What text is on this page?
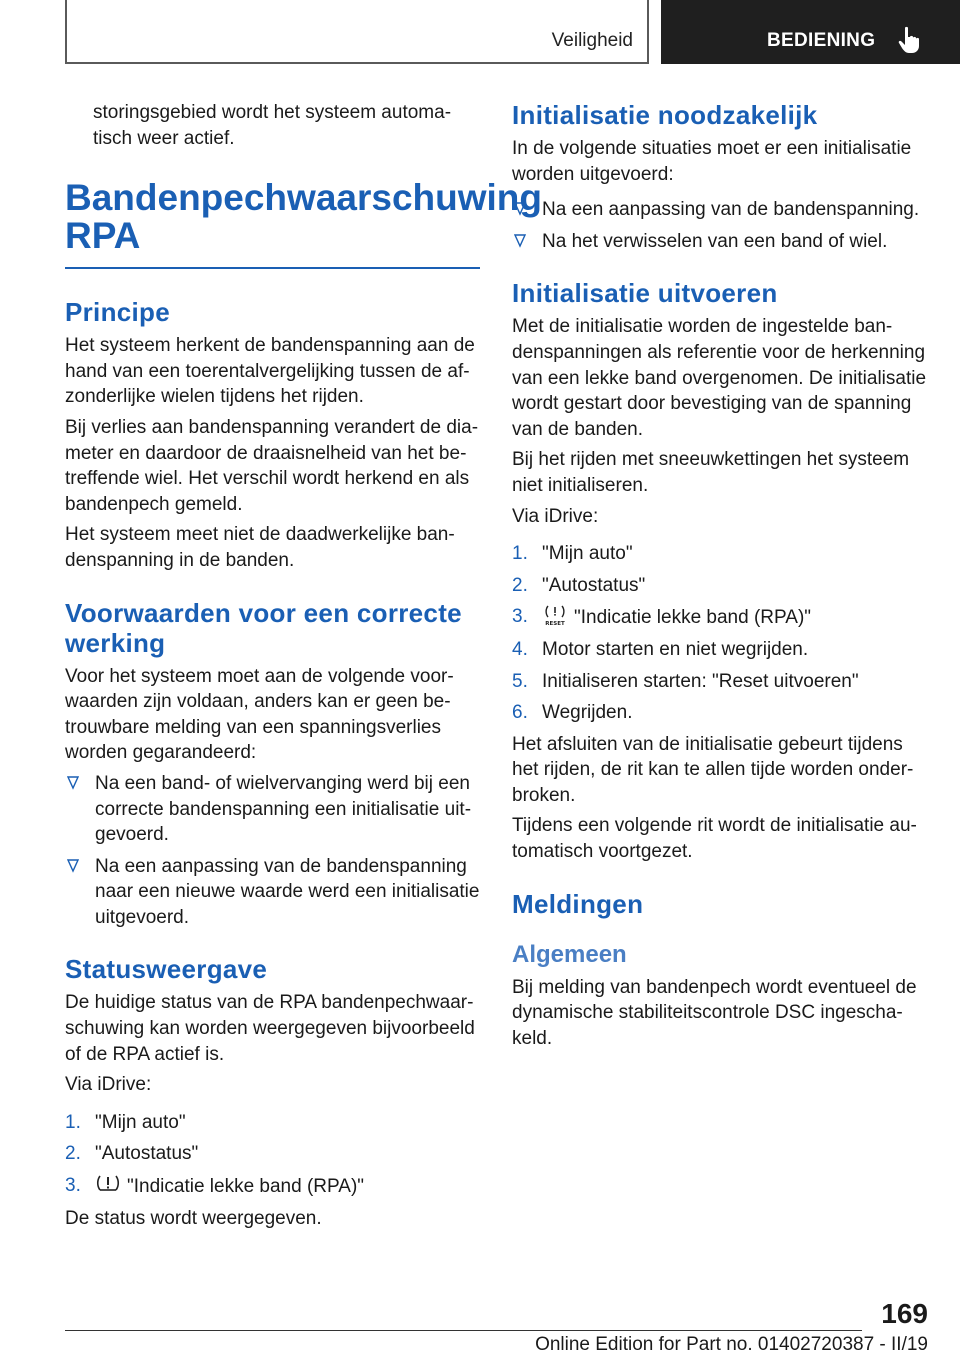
Veiligheid	BEDIENING

storingsgebied wordt het systeem automatisch weer actief.

Bandenpechwaarschuwing RPA
Principe

Het systeem herkent de bandenspanning aan de hand van een toerentalvergelijking tussen de afzonderlijke wielen tijdens het rijden.

Bij verlies aan bandenspanning verandert de diameter en daardoor de draaisnelheid van het betreffende wiel. Het verschil wordt herkend en als bandenpech gemeld.

Het systeem meet niet de daadwerkelijke bandenspanning in de banden.

Voorwaarden voor een correcte werking

Voor het systeem moet aan de volgende voorwaarden zijn voldaan, anders kan er geen betrouwbare melding van een spanningsverlies worden gegarandeerd:

Na een band- of wielvervanging werd bij een correcte bandenspanning een initialisatie uitgevoerd.
Na een aanpassing van de bandenspanning naar een nieuwe waarde werd een initialisatie uitgevoerd.
Statusweergave

De huidige status van de RPA bandenpechwaarschuwing kan worden weergegeven bijvoorbeeld of de RPA actief is.

Via iDrive:

1. "Mijn auto"
2. "Autostatus"
3. "Indicatie lekke band (RPA)"

De status wordt weergegeven.

Initialisatie noodzakelijk

In de volgende situaties moet er een initialisatie worden uitgevoerd:

Na een aanpassing van de bandenspanning.
Na het verwisselen van een band of wiel.
Initialisatie uitvoeren

Met de initialisatie worden de ingestelde bandenspanningen als referentie voor de herkenning van een lekke band overgenomen. De initialisatie wordt gestart door bevestiging van de spanning van de banden.

Bij het rijden met sneeuwkettingen het systeem niet initialiseren.

Via iDrive:

1. "Mijn auto"
2. "Autostatus"
3.	RESET "Indicatie lekke band (RPA)"
4. Motor starten en niet wegrijden.
5. Initialiseren starten: "Reset uitvoeren"
6. Wegrijden.

Het afsluiten van de initialisatie gebeurt tijdens het rijden, de rit kan te allen tijde worden onderbroken.

Tijdens een volgende rit wordt de initialisatie automatisch voortgezet.

Meldingen
Algemeen

Bij melding van bandenpech wordt eventueel de dynamische stabiliteitscontrole DSC ingeschakeld.

169
Online Edition for Part no. 01402720387 - II/19
